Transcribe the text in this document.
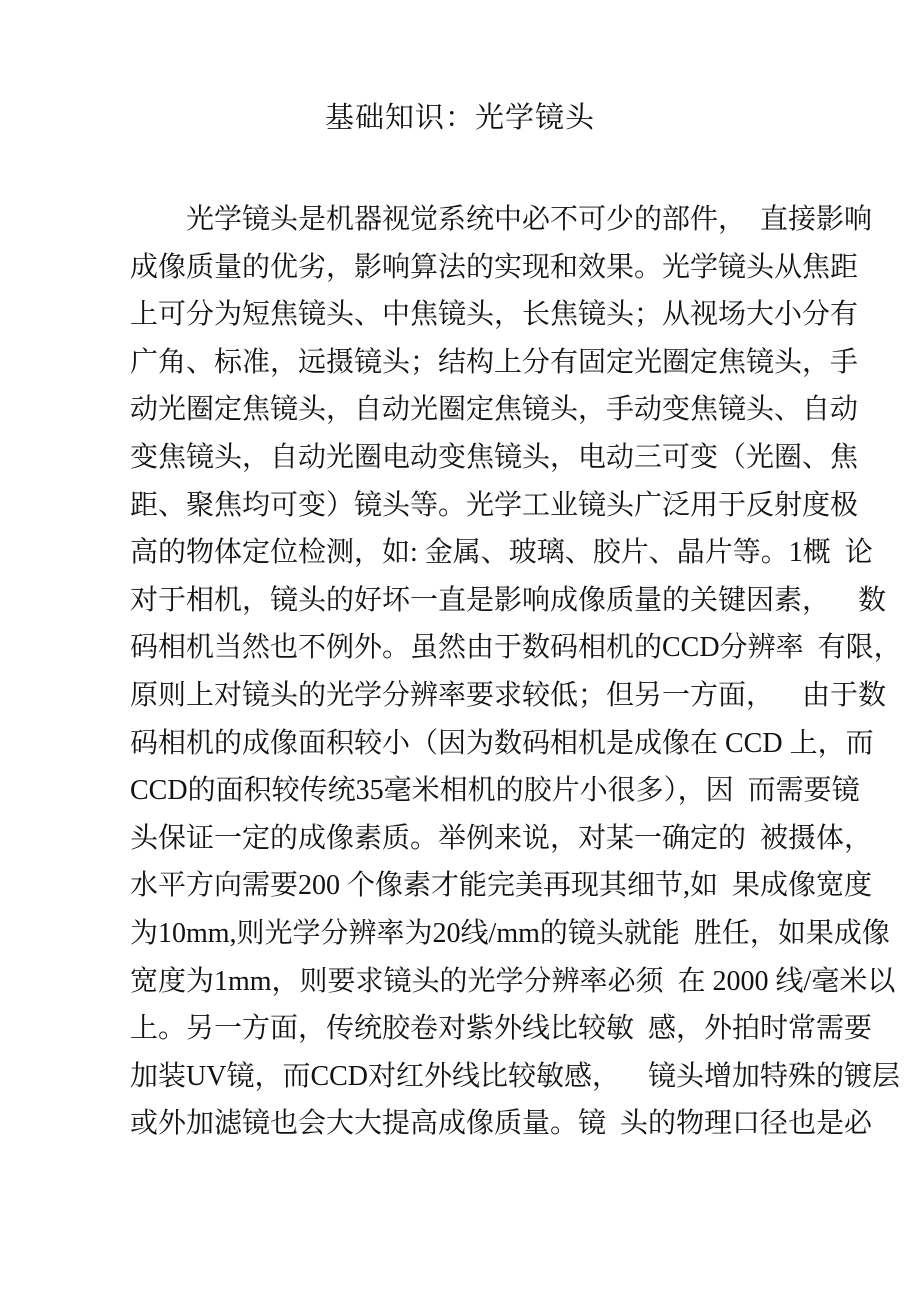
基础知识：光学镜头
　　光学镜头是机器视觉系统中必不可少的部件，  直接影响
成像质量的优劣，影响算法的实现和效果。光学镜头从焦距
上可分为短焦镜头、中焦镜头，长焦镜头；从视场大小分有
广角、标准，远摄镜头；结构上分有固定光圈定焦镜头，手
动光圈定焦镜头，自动光圈定焦镜头，手动变焦镜头、自动
变焦镜头，自动光圈电动变焦镜头，电动三可变（光圈、焦
距、聚焦均可变）镜头等。光学工业镜头广泛用于反射度极
高的物体定位检测，如: 金属、玻璃、胶片、晶片等。1概  论
对于相机，镜头的好坏一直是影响成像质量的关键因素，    数
码相机当然也不例外。虽然由于数码相机的CCD分辨率  有限，
原则上对镜头的光学分辨率要求较低；但另一方面，    由于数
码相机的成像面积较小（因为数码相机是成像在 CCD 上，而
CCD的面积较传统35毫米相机的胶片小很多），因  而需要镜
头保证一定的成像素质。举例来说，对某一确定的  被摄体，
水平方向需要200 个像素才能完美再现其细节,如  果成像宽度
为10mm,则光学分辨率为20线/mm的镜头就能  胜任，如果成像
宽度为1mm，则要求镜头的光学分辨率必须  在 2000 线/毫米以
上。另一方面，传统胶卷对紫外线比较敏  感，外拍时常需要
加装UV镜，而CCD对红外线比较敏感，    镜头增加特殊的镀层
或外加滤镜也会大大提高成像质量。镜  头的物理口径也是必
